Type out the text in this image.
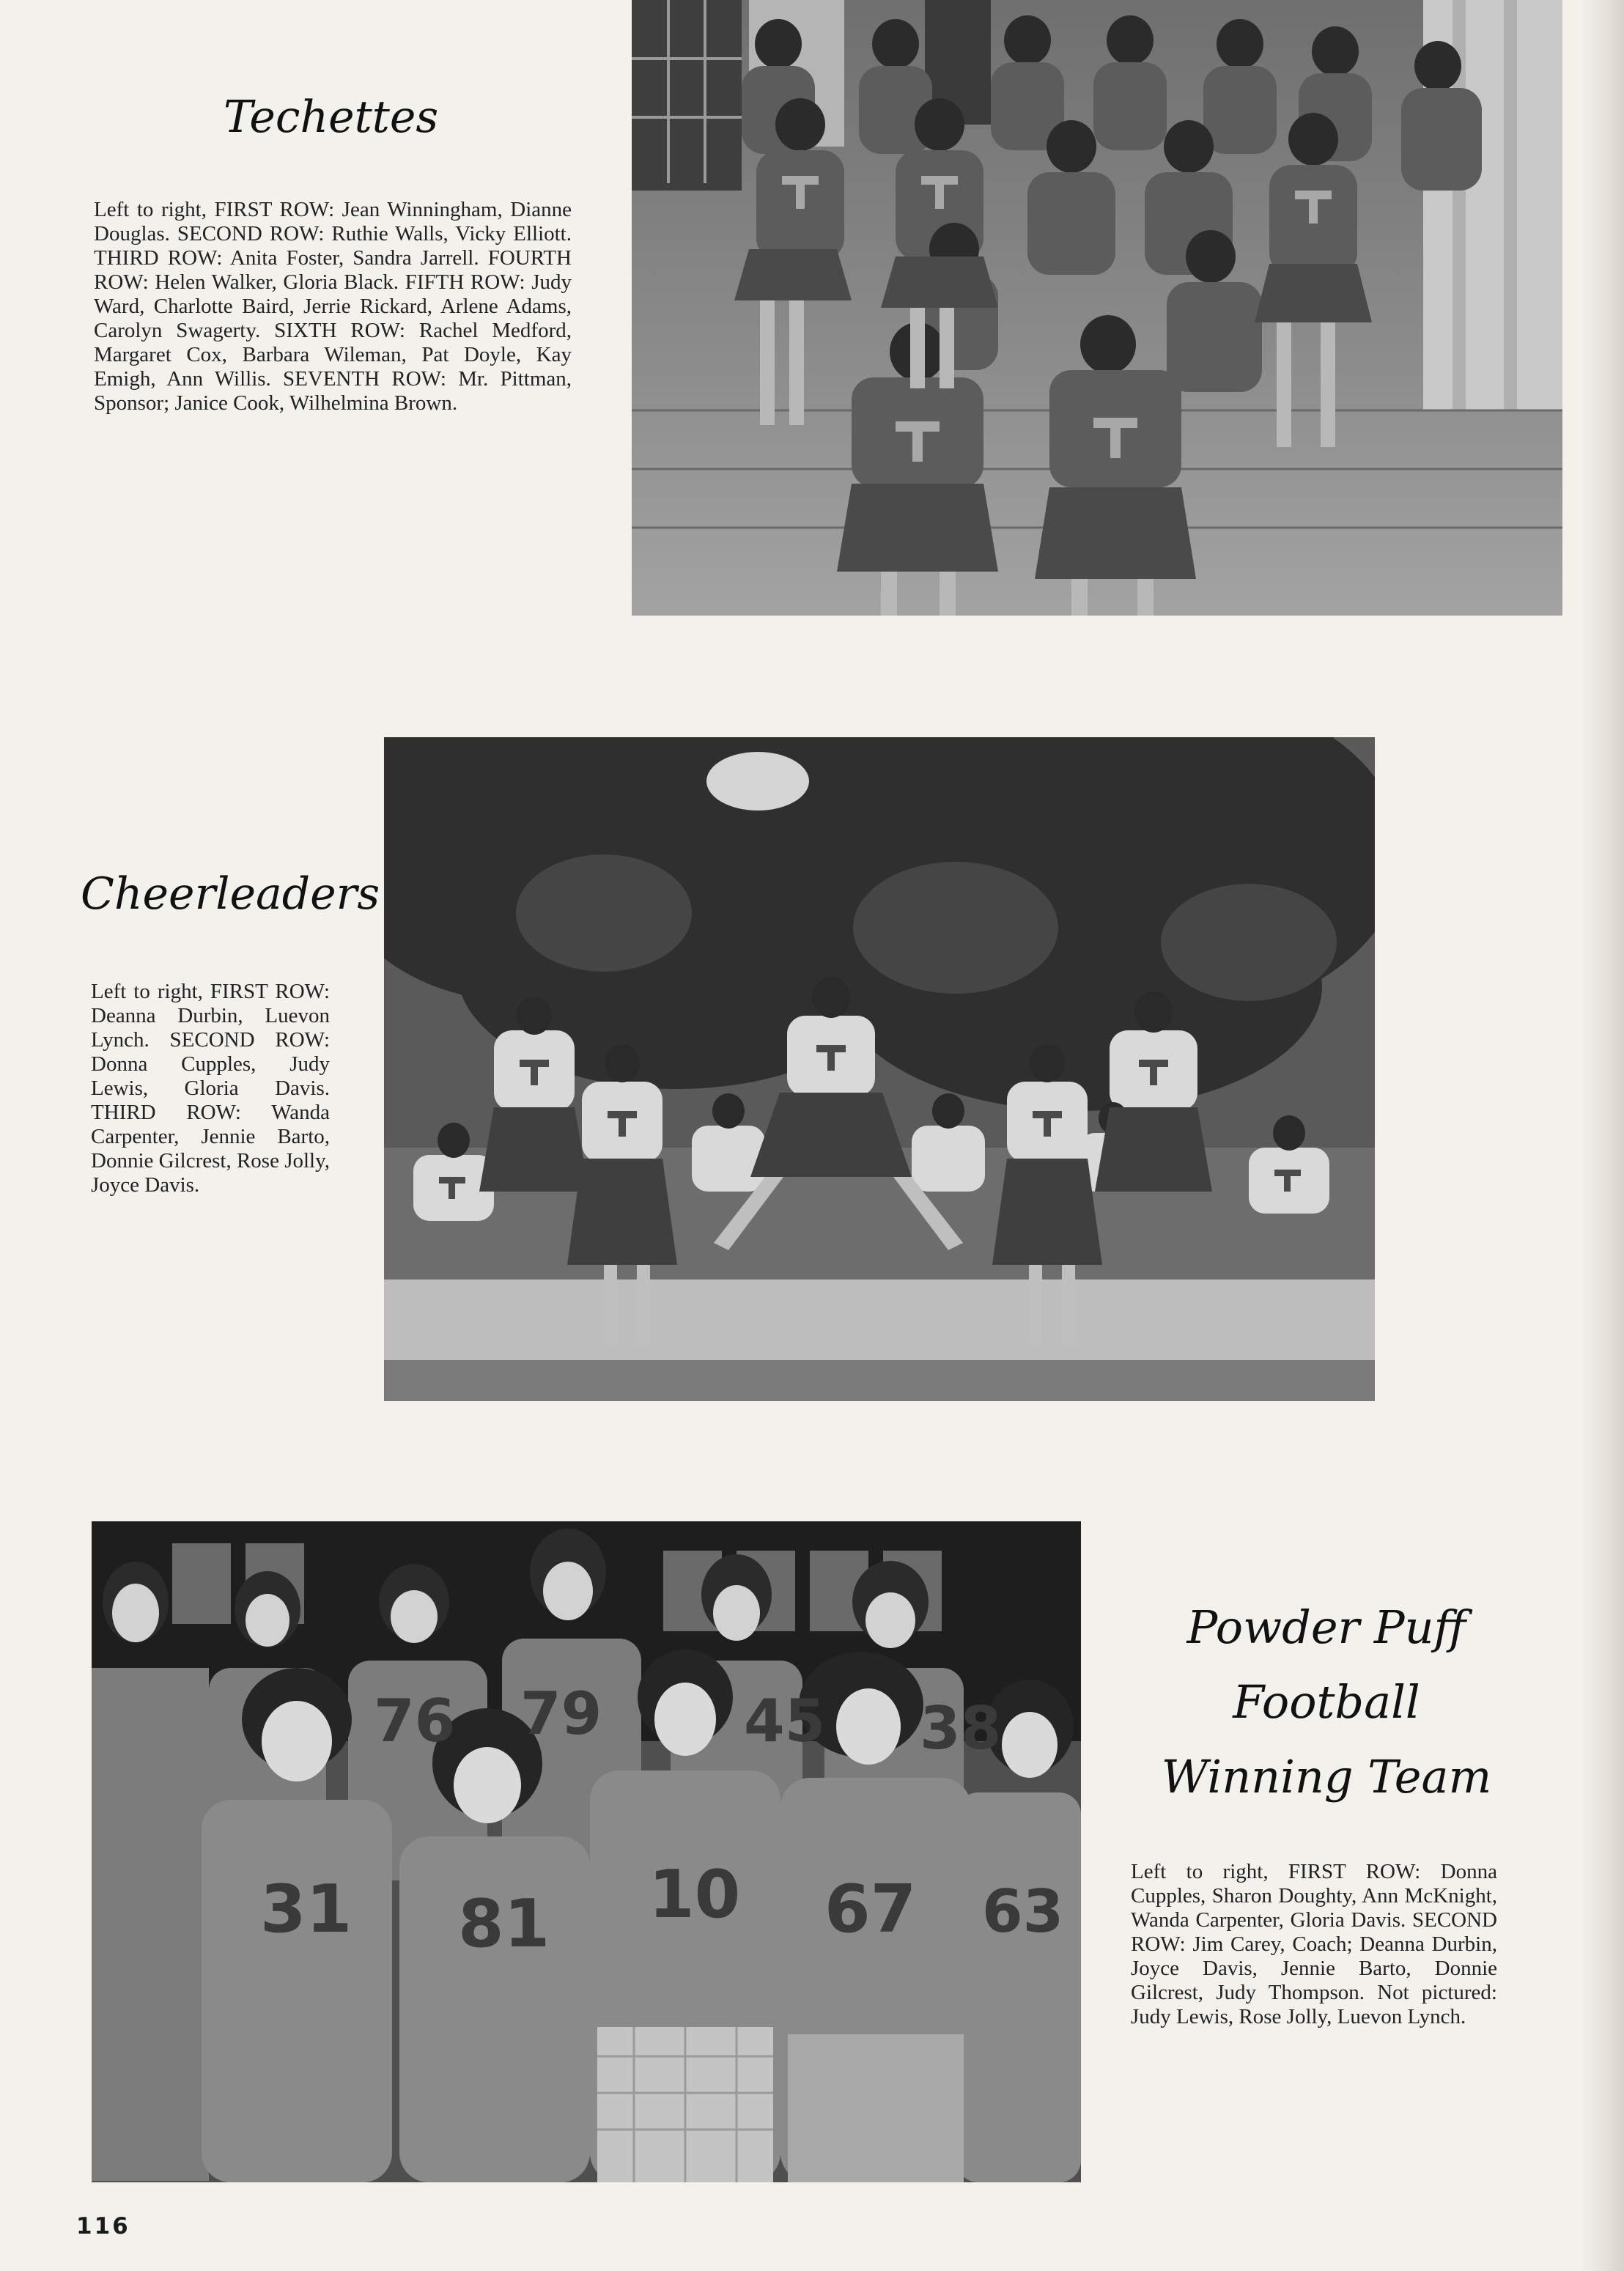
Techettes

Left to right, FIRST ROW: Jean Winningham, Dianne Douglas. SECOND ROW: Ruthie Walls, Vicky Elliott. THIRD ROW: Anita Foster, Sandra Jarrell. FOURTH ROW: Helen Walker, Gloria Black. FIFTH ROW: Judy Ward, Charlotte Baird, Jerrie Rickard, Arlene Adams, Carolyn Swagerty. SIXTH ROW: Rachel Medford, Margaret Cox, Barbara Wileman, Pat Doyle, Kay Emigh, Ann Willis. SEVENTH ROW: Mr. Pittman, Sponsor; Janice Cook, Wilhelmina Brown.

Cheerleaders

Left to right, FIRST ROW: Deanna Durbin, Luevon Lynch. SECOND ROW: Donna Cupples, Judy Lewis, Gloria Davis. THIRD ROW: Wanda Carpenter, Jennie Barto, Donnie Gilcrest, Rose Jolly, Joyce Davis.

31 81 10 67 63
76 79 45 38
Powder Puff
Football
Winning Team

Left to right, FIRST ROW: Donna Cupples, Sharon Doughty, Ann McKnight, Wanda Carpenter, Gloria Davis. SECOND ROW: Jim Carey, Coach; Deanna Durbin, Joyce Davis, Jennie Barto, Donnie Gilcrest, Judy Thompson. Not pictured: Judy Lewis, Rose Jolly, Luevon Lynch.

116
